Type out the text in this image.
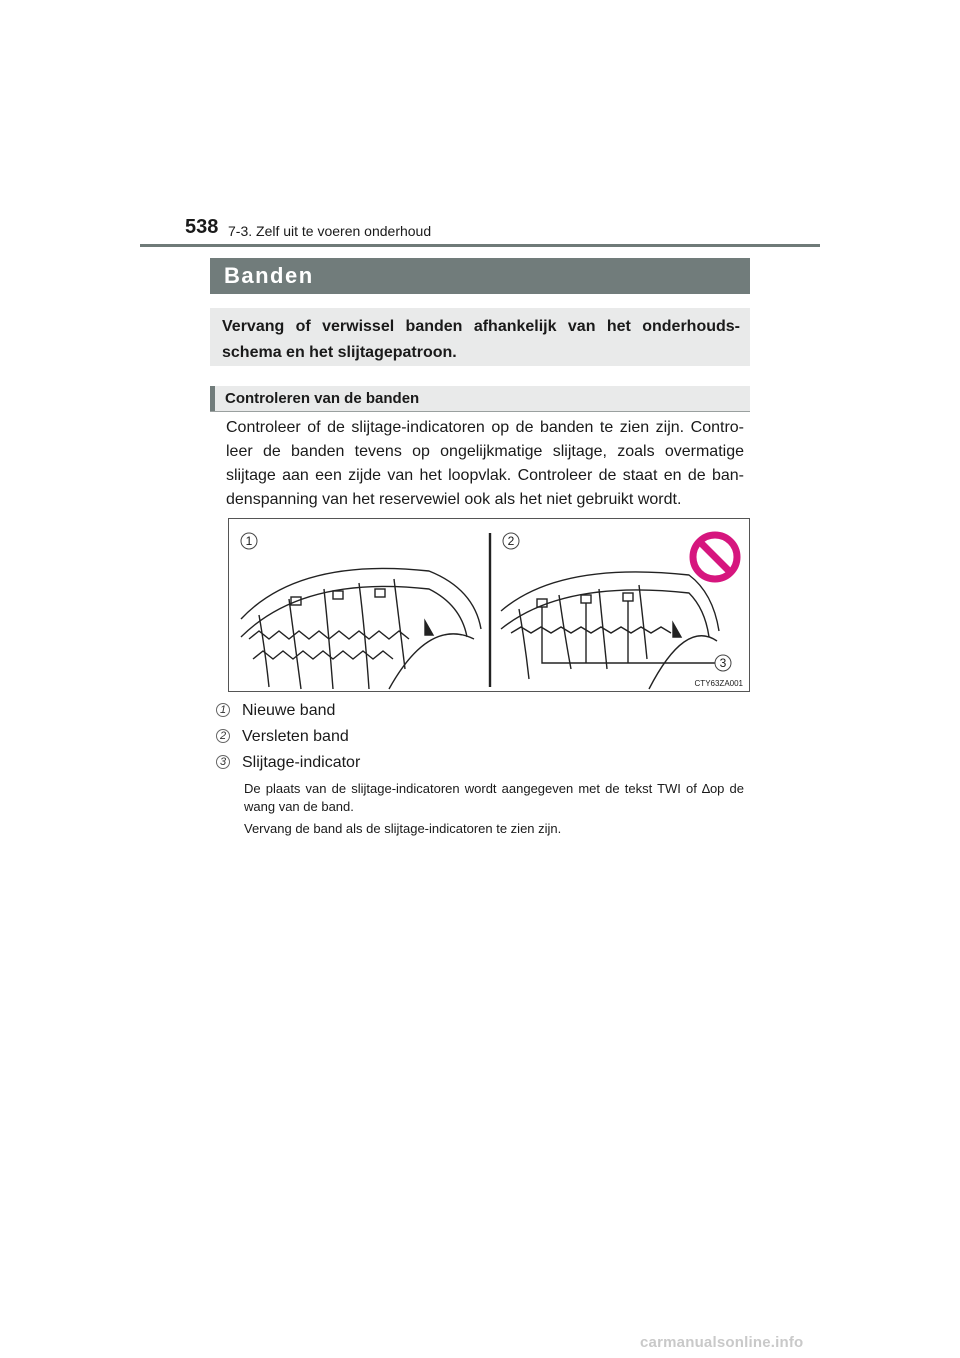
538 7-3. Zelf uit te voeren onderhoud
Banden
Vervang of verwissel banden afhankelijk van het onderhouds-schema en het slijtagepatroon.
Controleren van de banden

Controleer of de slijtage-indicatoren op de banden te zien zijn. Contro-leer de banden tevens op ongelijkmatige slijtage, zoals overmatige slijtage aan een zijde van het loopvlak. Controleer de staat en de ban-denspanning van het reservewiel ook als het niet gebruikt wordt.

1	2
3
CTY63ZA001
1 Nieuwe band
2 Versleten band
3 Slijtage-indicator

De plaats van de slijtage-indicatoren wordt aangegeven met de tekst TWI of ∆op de wang van de band.

Vervang de band als de slijtage-indicatoren te zien zijn.

carmanualsonline.info
